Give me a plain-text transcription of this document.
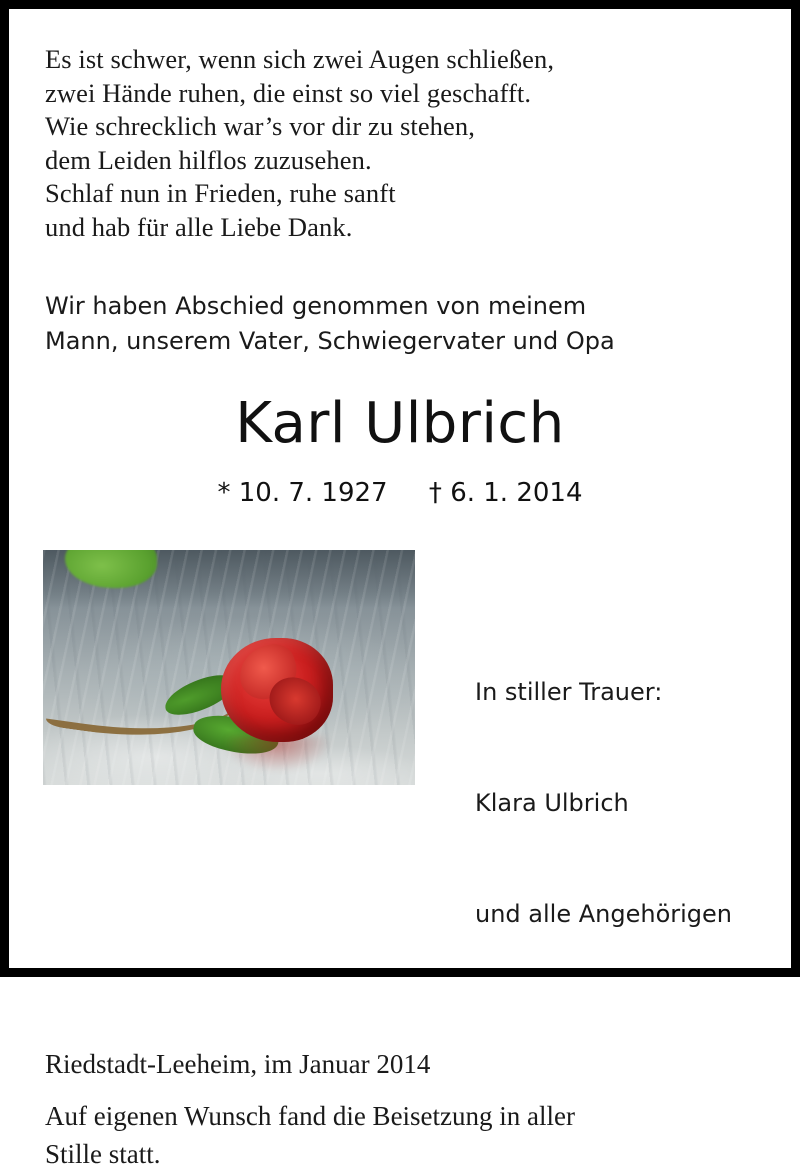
Es ist schwer, wenn sich zwei Augen schließen,
zwei Hände ruhen, die einst so viel geschafft.
Wie schrecklich war’s vor dir zu stehen,
dem Leiden hilflos zuzusehen.
Schlaf nun in Frieden, ruhe sanft
und hab für alle Liebe Dank.
Wir haben Abschied genommen von meinem
Mann, unserem Vater, Schwiegervater und Opa
Karl Ulbrich
* 10. 7. 1927     † 6. 1. 2014

In stiller Trauer:

Klara Ulbrich

und alle Angehörigen

Riedstadt-Leeheim, im Januar 2014
Auf eigenen Wunsch fand die Beisetzung in aller
Stille statt.
